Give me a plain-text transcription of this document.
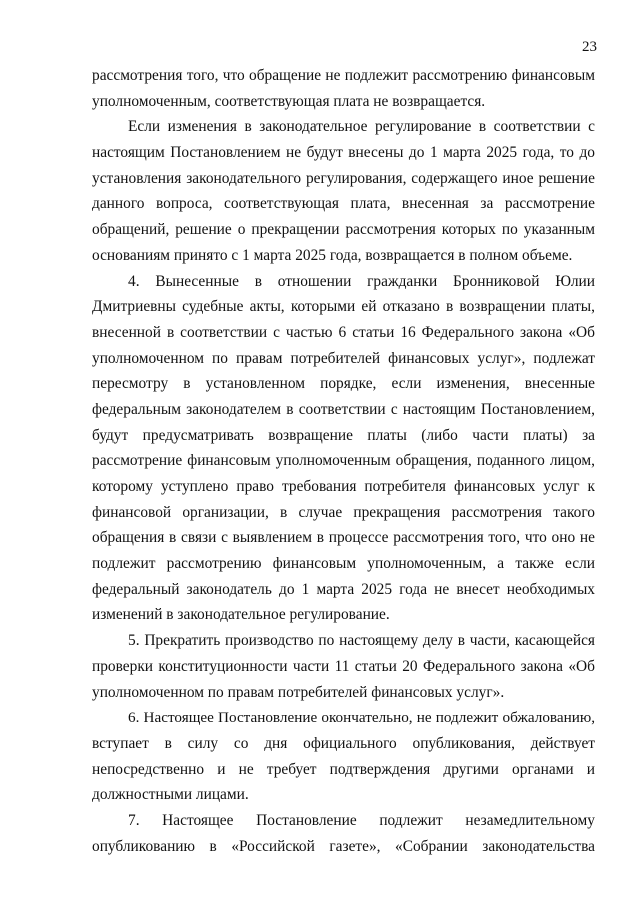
23
рассмотрения того, что обращение не подлежит рассмотрению финансовым
уполномоченным, соответствующая плата не возвращается.
Если изменения в законодательное регулирование в соответствии с
настоящим Постановлением не будут внесены до 1 марта 2025 года, то до
установления законодательного регулирования, содержащего иное решение
данного вопроса, соответствующая плата, внесенная за рассмотрение
обращений, решение о прекращении рассмотрения которых по указанным
основаниям принято с 1 марта 2025 года, возвращается в полном объеме.
4. Вынесенные в отношении гражданки Бронниковой Юлии
Дмитриевны судебные акты, которыми ей отказано в возвращении платы,
внесенной в соответствии с частью 6 статьи 16 Федерального закона «Об
уполномоченном по правам потребителей финансовых услуг», подлежат
пересмотру в установленном порядке, если изменения, внесенные
федеральным законодателем в соответствии с настоящим Постановлением,
будут предусматривать возвращение платы (либо части платы) за
рассмотрение финансовым уполномоченным обращения, поданного лицом,
которому уступлено право требования потребителя финансовых услуг к
финансовой организации, в случае прекращения рассмотрения такого
обращения в связи с выявлением в процессе рассмотрения того, что оно не
подлежит рассмотрению финансовым уполномоченным, а также если
федеральный законодатель до 1 марта 2025 года не внесет необходимых
изменений в законодательное регулирование.
5. Прекратить производство по настоящему делу в части, касающейся
проверки конституционности части 11 статьи 20 Федерального закона «Об
уполномоченном по правам потребителей финансовых услуг».
6. Настоящее Постановление окончательно, не подлежит обжалованию,
вступает в силу со дня официального опубликования, действует
непосредственно и не требует подтверждения другими органами и
должностными лицами.
7. Настоящее Постановление подлежит незамедлительному
опубликованию в «Российской газете», «Собрании законодательства
